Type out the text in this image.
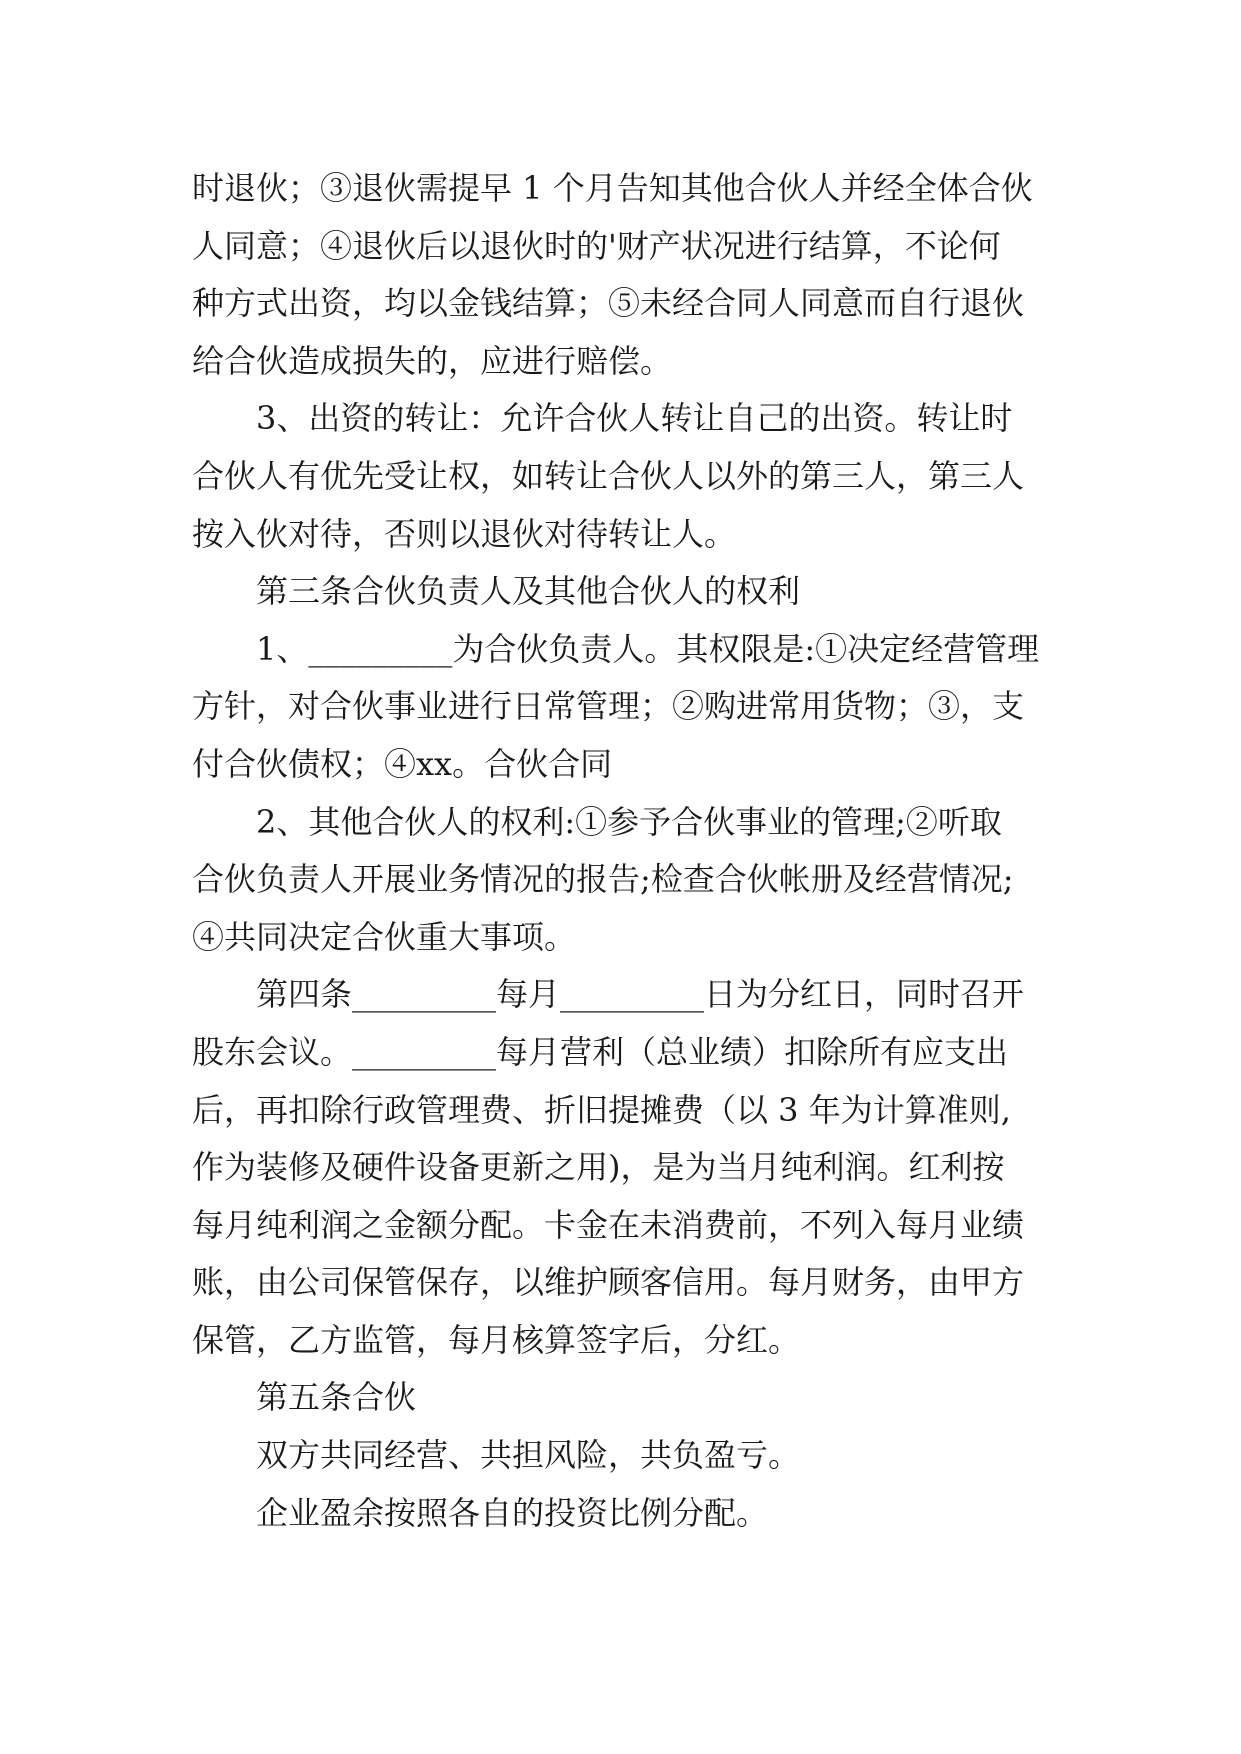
时退伙；③退伙需提早 1 个月告知其他合伙人并经全体合伙
人同意；④退伙后以退伙时的'财产状况进行结算，不论何
种方式出资，均以金钱结算；⑤未经合同人同意而自行退伙
给合伙造成损失的，应进行赔偿。
3、出资的转让：允许合伙人转让自己的出资。转让时
合伙人有优先受让权，如转让合伙人以外的第三人，第三人
按入伙对待，否则以退伙对待转让人。
第三条合伙负责人及其他合伙人的权利
1、_________为合伙负责人。其权限是:①决定经营管理
方针，对合伙事业进行日常管理；②购进常用货物；③，支
付合伙债权；④xx。合伙合同
2、其他合伙人的权利:①参予合伙事业的管理;②听取
合伙负责人开展业务情况的报告;检查合伙帐册及经营情况;
④共同决定合伙重大事项。
第四条_________每月_________日为分红日，同时召开
股东会议。_________每月营利（总业绩）扣除所有应支出
后，再扣除行政管理费、折旧提摊费（以 3 年为计算准则,
作为装修及硬件设备更新之用)，是为当月纯利润。红利按
每月纯利润之金额分配。卡金在未消费前，不列入每月业绩
账，由公司保管保存，以维护顾客信用。每月财务，由甲方
保管，乙方监管，每月核算签字后，分红。
第五条合伙
双方共同经营、共担风险，共负盈亏。
企业盈余按照各自的投资比例分配。
